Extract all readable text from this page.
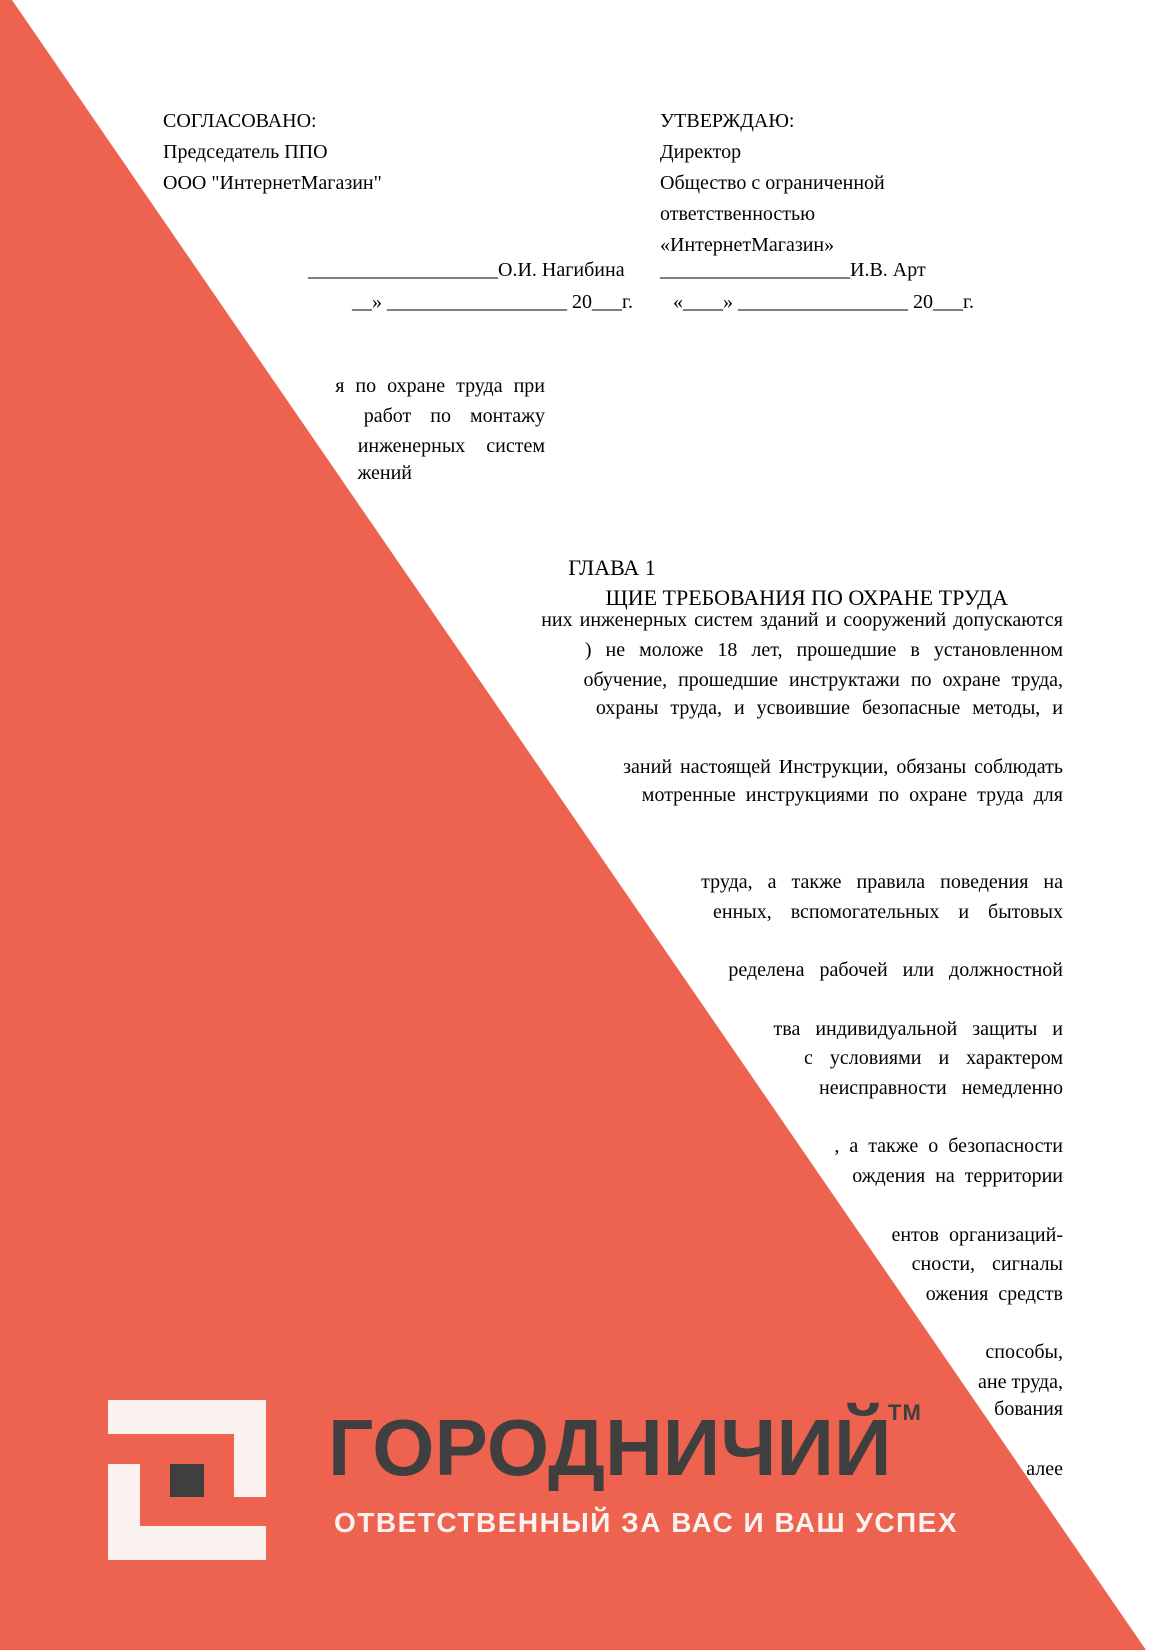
СОГЛАСОВАНО:
Председатель ППО
ООО "ИнтернетМагазин"
___________________О.И. Нагибина
__» __________________ 20___г.
УТВЕРЖДАЮ:
Директор
Общество с ограниченной
ответственностью
«ИнтернетМагазин»
___________________И.В. Арт
«____» _________________ 20___г.
я по охране труда при
работ по монтажу
инженерных систем
жений
ГЛАВА 1
ЩИЕ ТРЕБОВАНИЯ ПО ОХРАНЕ ТРУДА
них инженерных систем зданий и сооружений допускаются
) не моложе 18 лет, прошедшие в установленном
обучение, прошедшие инструктажи по охране труда,
охраны труда, и усвоившие безопасные методы, и
заний настоящей Инструкции, обязаны соблюдать
мотренные инструкциями по охране труда для
труда, а также правила поведения на
енных, вспомогательных и бытовых
ределена рабочей или должностной
тва индивидуальной защиты и
с условиями и характером
неисправности немедленно
, а также о безопасности
ождения на территории
ентов организаций-
сности, сигналы
ожения средств
способы,
ане труда,
бования
алее
ГОРОДНИЧИЙ
ТМ
ОТВЕТСТВЕННЫЙ ЗА ВАС И ВАШ УСПЕХ
